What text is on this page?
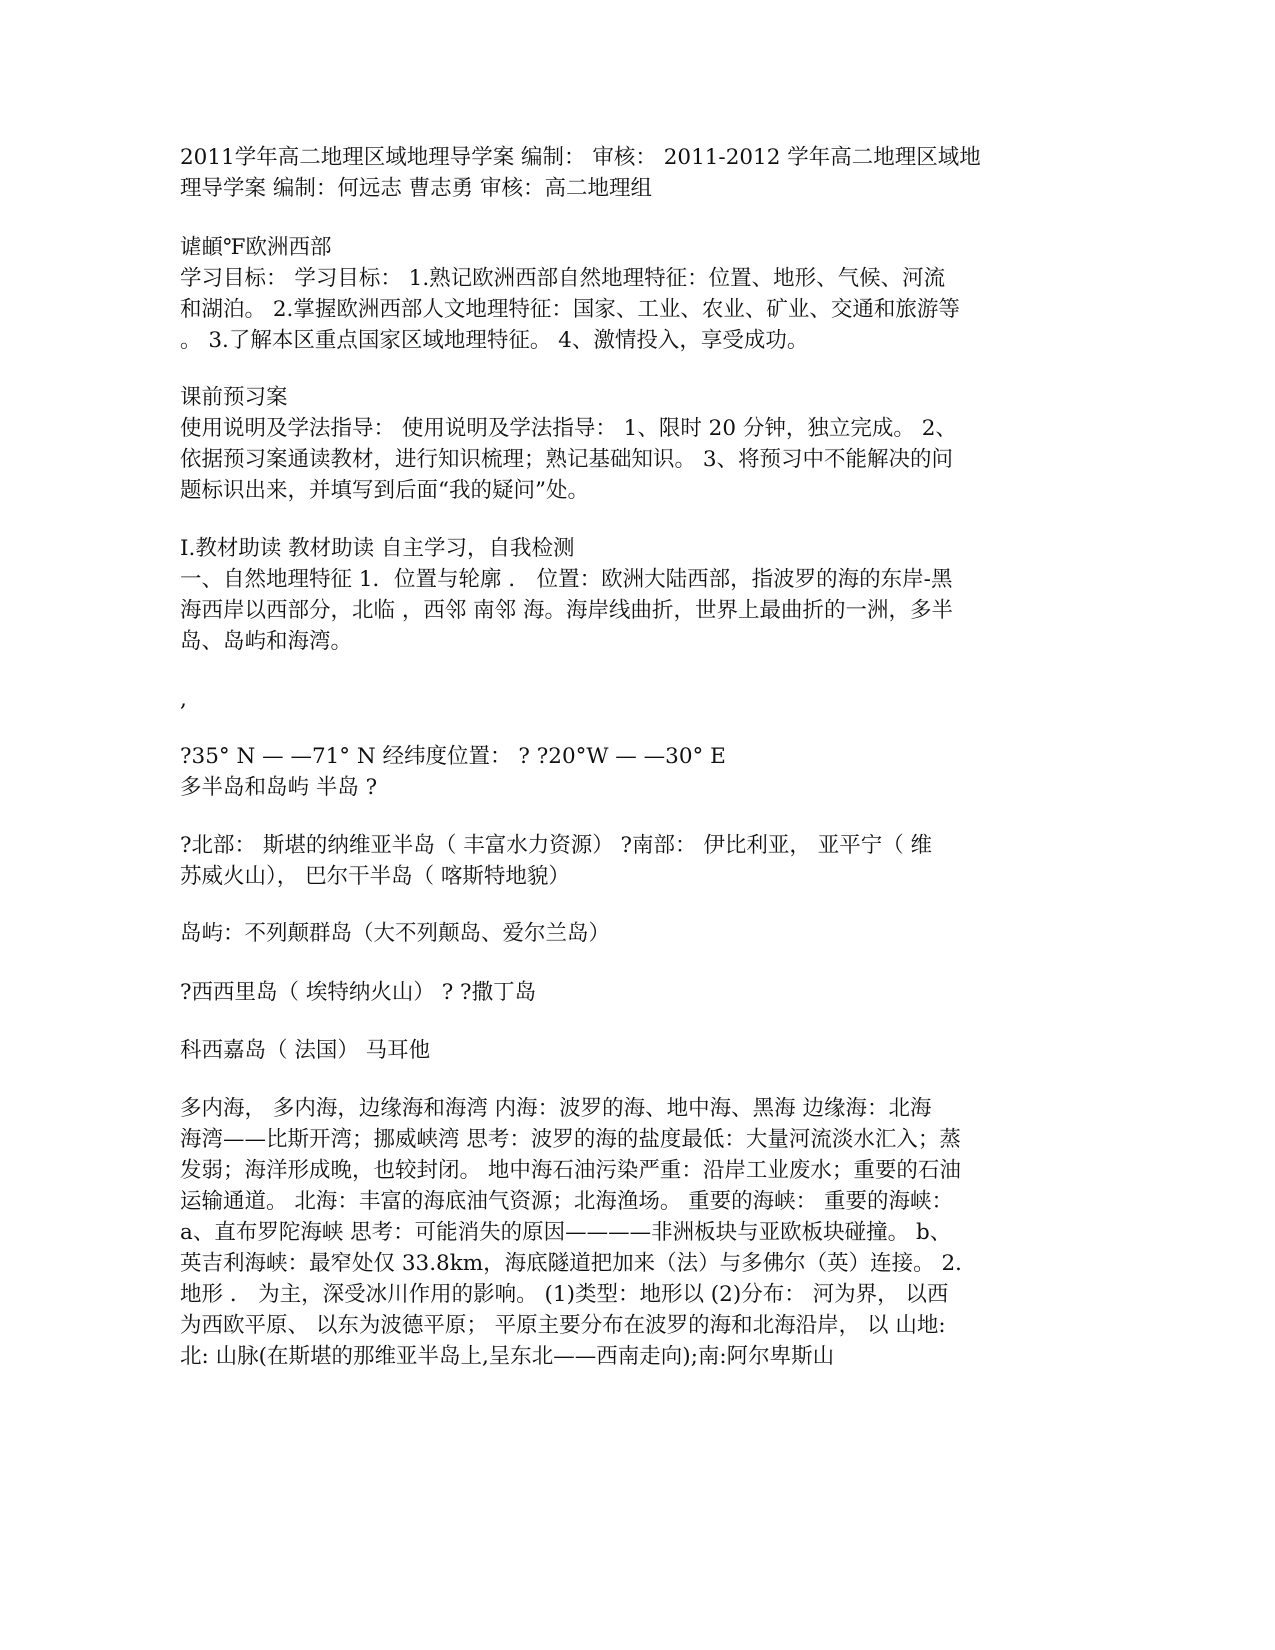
2011学年高二地理区域地理导学案 编制： 审核： 2011-2012 学年高二地理区域地
理导学案 编制：何远志 曹志勇 审核：高二地理组
谑頔℉欧洲西部
学习目标： 学习目标： 1.熟记欧洲西部自然地理特征：位置、地形、气候、河流
和湖泊。 2.掌握欧洲西部人文地理特征：国家、工业、农业、矿业、交通和旅游等
。 3.了解本区重点国家区域地理特征。 4、激情投入，享受成功。
课前预习案
使用说明及学法指导： 使用说明及学法指导： 1、限时 20 分钟，独立完成。 2、
依据预习案通读教材，进行知识梳理；熟记基础知识。 3、将预习中不能解决的问
题标识出来，并填写到后面“我的疑问”处。
Ⅰ.教材助读 教材助读 自主学习，自我检测
一、自然地理特征 1．位置与轮廓 ． 位置：欧洲大陆西部，指波罗的海的东岸-黑
海西岸以西部分，北临 ，西邻 南邻 海。海岸线曲折，世界上最曲折的一洲，多半
岛、岛屿和海湾。
,
?35° N — —71° N 经纬度位置： ? ?20°W — —30° E
多半岛和岛屿 半岛 ?
?北部： 斯堪的纳维亚半岛（ 丰富水力资源） ?南部： 伊比利亚， 亚平宁（ 维
苏威火山）， 巴尔干半岛（ 喀斯特地貌）
岛屿：不列颠群岛（大不列颠岛、爱尔兰岛）
?西西里岛（ 埃特纳火山） ? ?撒丁岛
科西嘉岛（ 法国） 马耳他
多内海， 多内海，边缘海和海湾 内海：波罗的海、地中海、黑海 边缘海：北海
海湾——比斯开湾；挪威峡湾 思考：波罗的海的盐度最低：大量河流淡水汇入；蒸
发弱；海洋形成晚，也较封闭。 地中海石油污染严重：沿岸工业废水；重要的石油
运输通道。 北海：丰富的海底油气资源；北海渔场。 重要的海峡： 重要的海峡：
a、直布罗陀海峡 思考：可能消失的原因————非洲板块与亚欧板块碰撞。 b、
英吉利海峡：最窄处仅 33.8km，海底隧道把加来（法）与多佛尔（英）连接。 2．
地形 ． 为主，深受冰川作用的影响。 (1)类型：地形以 (2)分布： 河为界， 以西
为西欧平原、 以东为波德平原； 平原主要分布在波罗的海和北海沿岸， 以 山地:
北: 山脉(在斯堪的那维亚半岛上,呈东北——西南走向);南:阿尔卑斯山
